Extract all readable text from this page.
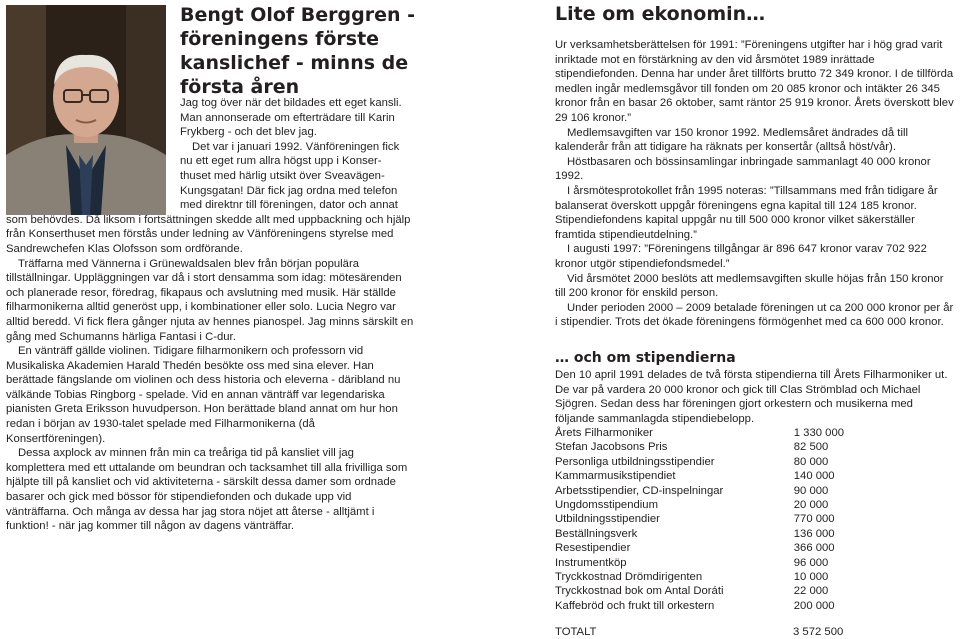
Bengt Olof Berggren - föreningens förste kanslichef - minns de första åren
Jag tog över när det bildades ett eget kansli.
Man annonserade om efterträdare till Karin
Frykberg - och det blev jag.
Det var i januari 1992. Vänföreningen fick
nu ett eget rum allra högst upp i Konser-
thuset med härlig utsikt över Sveavägen-
Kungsgatan! Där fick jag ordna med telefon
med direktnr till föreningen, dator och annat

som behövdes. Då liksom i fortsättningen skedde allt med uppbackning och hjälp från Konserthuset men förstås under ledning av Vänföreningens styrelse med Sandrewchefen Klas Olofsson som ordförande.

Träffarna med Vännerna i Grünewaldsalen blev från början populära tillställningar. Uppläggningen var då i stort densamma som idag: mötesärenden och planerade resor, föredrag, fikapaus och avslutning med musik. Här ställde filharmonikerna alltid generöst upp, i kombinationer eller solo. Lucia Negro var alltid beredd. Vi fick flera gånger njuta av hennes pianospel. Jag minns särskilt en gång med Schumanns härliga Fantasi i C-dur.

En vänträff gällde violinen. Tidigare filharmonikern och professorn vid Musikaliska Akademien Harald Thedén besökte oss med sina elever. Han berättade fängslande om violinen och dess historia och eleverna - däribland nu välkände Tobias Ringborg - spelade. Vid en annan vänträff var legendariska pianisten Greta Eriksson huvudperson. Hon berättade bland annat om hur hon redan i början av 1930-talet spelade med Filharmonikerna (då Konsertföreningen).

Dessa axplock av minnen från min ca treåriga tid på kansliet vill jag komplettera med ett uttalande om beundran och tacksamhet till alla frivilliga som hjälpte till på kansliet och vid aktiviteterna - särskilt dessa damer som ordnade basarer och gick med bössor för stipendiefonden och dukade upp vid vänträffarna. Och många av dessa har jag stora nöjet att återse - alltjämt i funktion! - när jag kommer till någon av dagens vänträffar.

Lite om ekonomin…

Ur verksamhetsberättelsen för 1991: ”Föreningens utgifter har i hög grad varit inriktade mot en förstärkning av den vid årsmötet 1989 inrättade stipendiefonden. Denna har under året tillförts brutto 72 349 kronor. I de tillförda medlen ingår medlemsgåvor till fonden om 20 085 kronor och intäkter 26 345 kronor från en basar 26 oktober, samt räntor 25 919 kronor. Årets överskott blev 29 106 kronor.”

Medlemsavgiften var 150 kronor 1992. Medlemsåret ändrades då till kalenderår från att tidigare ha räknats per konsertår (alltså höst/vår).

Höstbasaren och bössinsamlingar inbringade sammanlagt 40 000 kronor 1992.

I årsmötesprotokollet från 1995 noteras: ”Tillsammans med från tidigare år balanserat överskott uppgår föreningens egna kapital till 124 185 kronor. Stipendiefondens kapital uppgår nu till 500 000 kronor vilket säkerställer framtida stipendieutdelning.”

I augusti 1997: ”Föreningens tillgångar är 896 647 kronor varav 702 922 kronor utgör stipendiefondsmedel.”

Vid årsmötet 2000 beslöts att medlemsavgiften skulle höjas från 150 kronor till 200 kronor för enskild person.

Under perioden 2000 – 2009 betalade föreningen ut ca 200 000 kronor per år i stipendier. Trots det ökade föreningens förmögenhet med ca 600 000 kronor.

… och om stipendierna

Den 10 april 1991 delades de två första stipendierna till Årets Filharmoniker ut. De var på vardera 20 000 kronor och gick till Clas Strömblad och Michael Sjögren. Sedan dess har föreningen gjort orkestern och musikerna med följande sammanlagda stipendiebelopp.

Årets Filharmoniker	1 330 000
Stefan Jacobsons Pris	82 500
Personliga utbildningsstipendier	80 000
Kammarmusikstipendiet	140 000
Arbetsstipendier, CD-inspelningar	90 000
Ungdomsstipendium	20 000
Utbildningsstipendier	770 000
Beställningsverk	136 000
Resestipendier	366 000
Instrumentköp	96 000
Tryckkostnad Drömdirigenten	10 000
Tryckkostnad bok om Antal Doráti	22 000
Kaffebröd och frukt till orkestern	200 000
TOTALT	3 572 500
